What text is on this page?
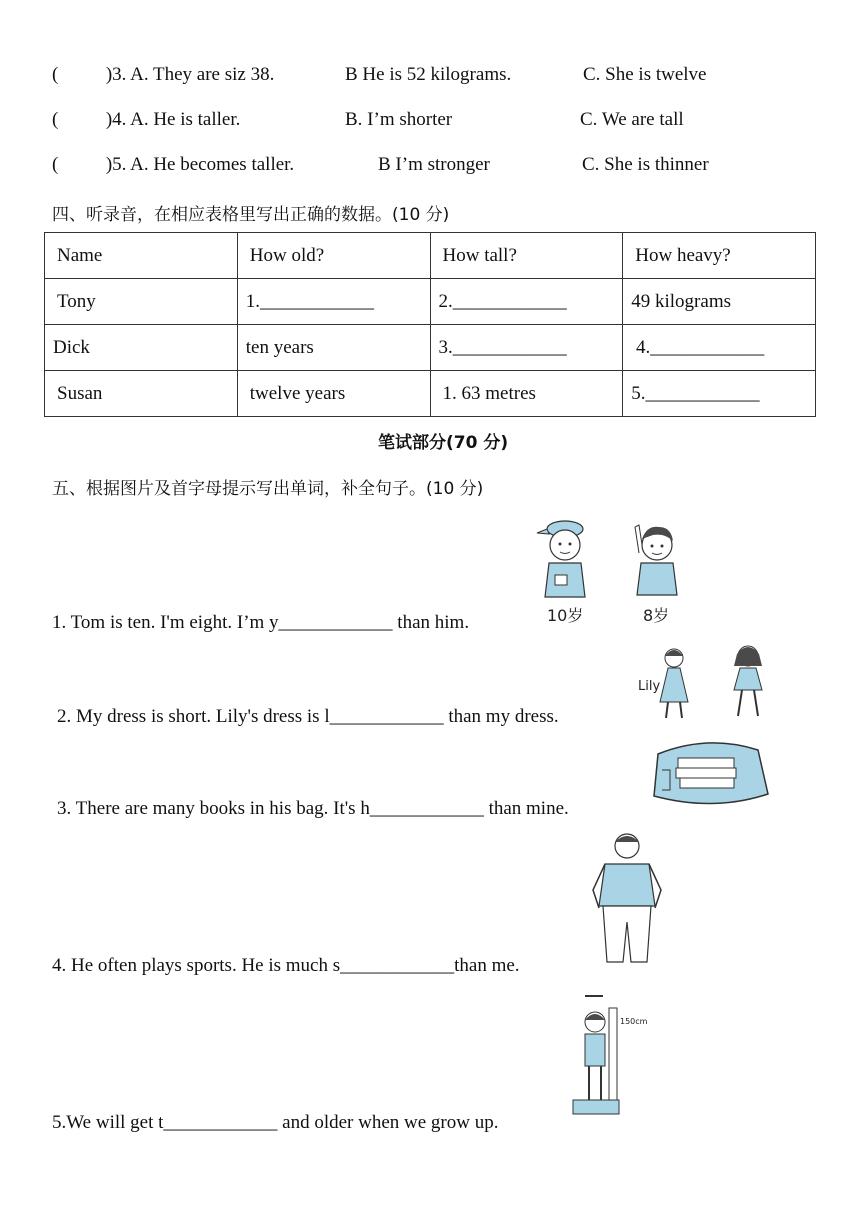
(          )3. A. They are siz 38.	B He is 52 kilograms.	C. She is twelve
(          )4. A. He is taller.	B. I’m shorter	C. We are tall
(          )5. A. He becomes taller.	B I’m stronger	C. She is thinner
四、听录音，在相应表格里写出正确的数据。(10 分)
Name	How old?	How tall?	How heavy?
Tony	1.____________	2.____________	49 kilograms
Dick	ten years	3.____________	4.____________
Susan	twelve years	1. 63 metres	5.____________
笔试部分(70 分)
五、根据图片及首字母提示写出单词，补全句子。(10 分)
10岁	8岁
1. Tom is ten. I'm eight. I’m y____________ than him.
Lily
2. My dress is short. Lily's dress is l____________ than my dress.
3. There are many books in his bag. It's h____________ than mine.
4. He often plays sports. He is much s____________than me.
150cm
5.We will get t____________ and older when we grow up.
